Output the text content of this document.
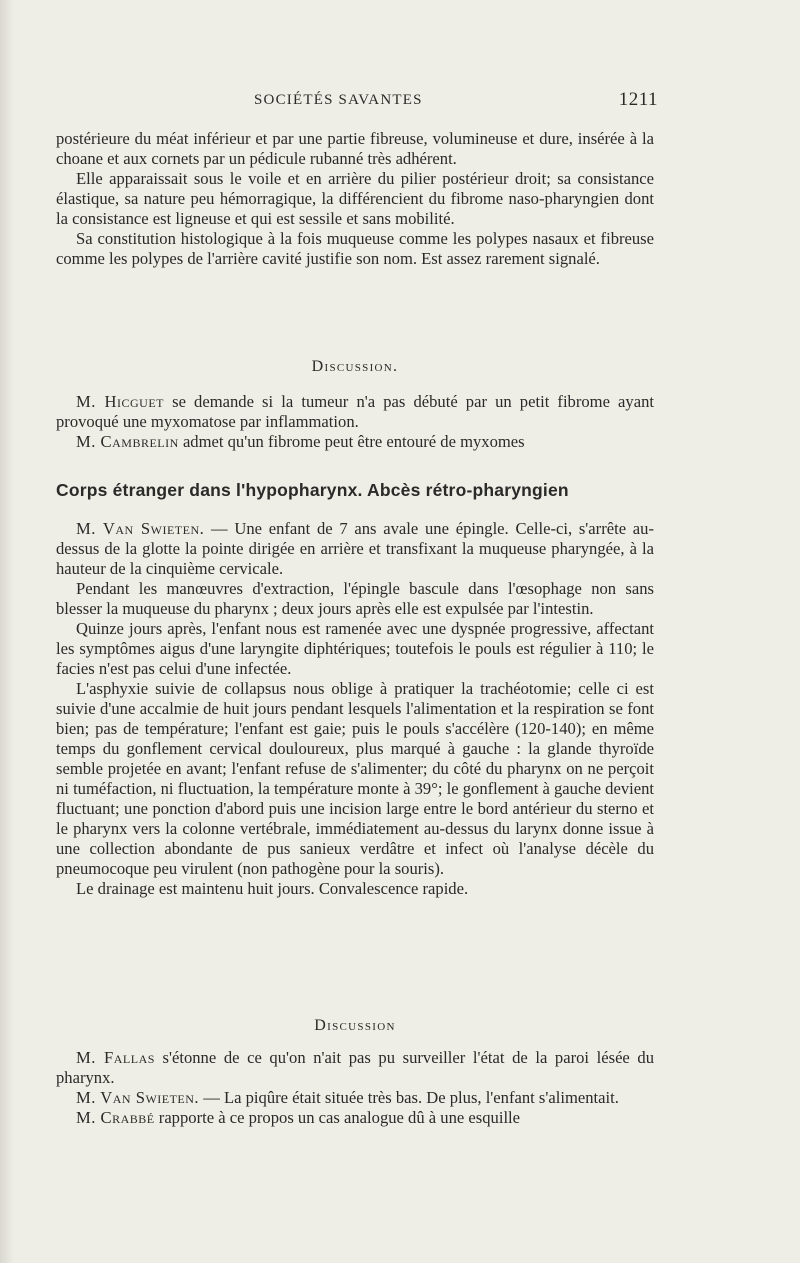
SOCIÉTÉS SAVANTES	1211

postérieure du méat inférieur et par une partie fibreuse, volumineuse et dure, insérée à la choane et aux cornets par un pédicule rubanné très adhérent.

Elle apparaissait sous le voile et en arrière du pilier postérieur droit; sa consistance élastique, sa nature peu hémorragique, la différencient du fibrome naso-pharyngien dont la consistance est ligneuse et qui est sessile et sans mobilité.

Sa constitution histologique à la fois muqueuse comme les polypes nasaux et fibreuse comme les polypes de l'arrière cavité justifie son nom. Est assez rarement signalé.

Discussion.

M. Hicguet se demande si la tumeur n'a pas débuté par un petit fibrome ayant provoqué une myxomatose par inflammation.

M. Cambrelin admet qu'un fibrome peut être entouré de myxomes

Corps étranger dans l'hypopharynx. Abcès rétro-pharyngien

M. Van Swieten. — Une enfant de 7 ans avale une épingle. Celle-ci, s'arrête au-dessus de la glotte la pointe dirigée en arrière et transfixant la muqueuse pharyngée, à la hauteur de la cinquième cervicale.

Pendant les manœuvres d'extraction, l'épingle bascule dans l'œsophage non sans blesser la muqueuse du pharynx ; deux jours après elle est expulsée par l'intestin.

Quinze jours après, l'enfant nous est ramenée avec une dyspnée progressive, affectant les symptômes aigus d'une laryngite diphtériques; toutefois le pouls est régulier à 110; le facies n'est pas celui d'une infectée.

L'asphyxie suivie de collapsus nous oblige à pratiquer la trachéotomie; celle ci est suivie d'une accalmie de huit jours pendant lesquels l'alimentation et la respiration se font bien; pas de température; l'enfant est gaie; puis le pouls s'accélère (120-140); en même temps du gonflement cervical douloureux, plus marqué à gauche : la glande thyroïde semble projetée en avant; l'enfant refuse de s'alimenter; du côté du pharynx on ne perçoit ni tuméfaction, ni fluctuation, la température monte à 39°; le gonflement à gauche devient fluctuant; une ponction d'abord puis une incision large entre le bord antérieur du sterno et le pharynx vers la colonne vertébrale, immédiatement au-dessus du larynx donne issue à une collection abondante de pus sanieux verdâtre et infect où l'analyse décèle du pneumocoque peu virulent (non pathogène pour la souris).

Le drainage est maintenu huit jours. Convalescence rapide.

Discussion

M. Fallas s'étonne de ce qu'on n'ait pas pu surveiller l'état de la paroi lésée du pharynx.

M. Van Swieten. — La piqûre était située très bas. De plus, l'enfant s'alimentait.

M. Crabbé rapporte à ce propos un cas analogue dû à une esquille
